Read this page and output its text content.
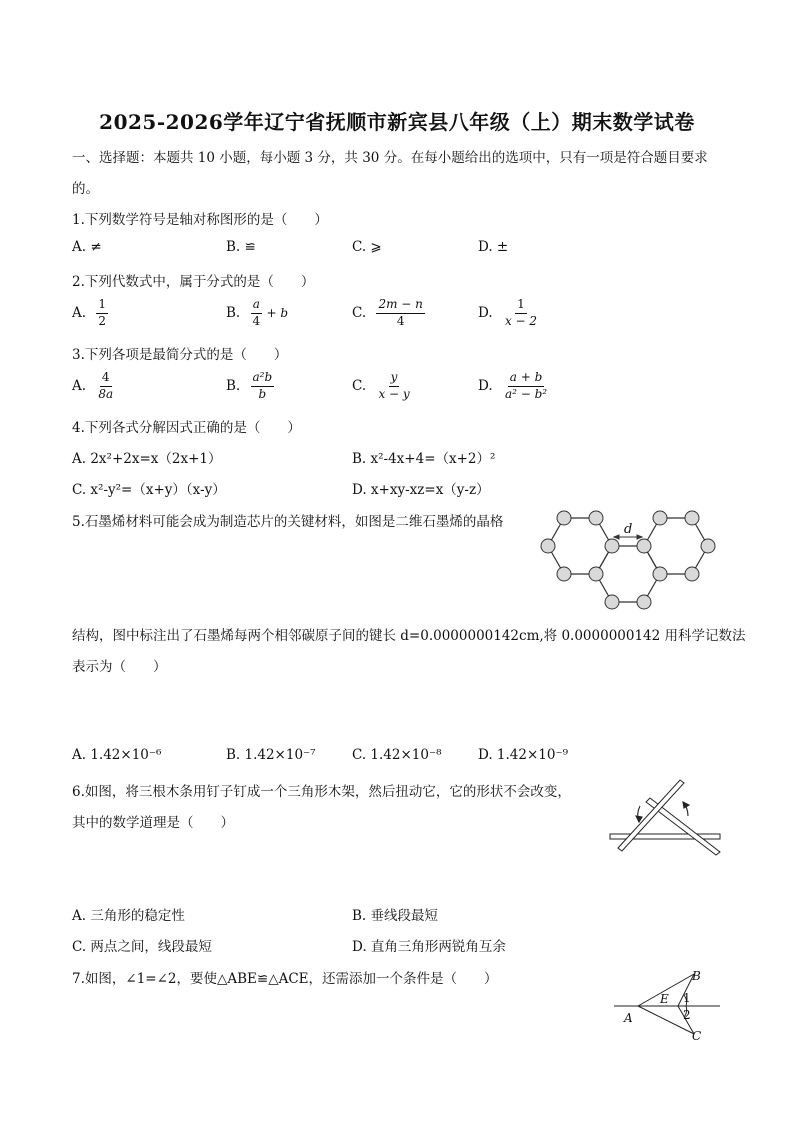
2025-2026学年辽宁省抚顺市新宾县八年级（上）期末数学试卷
一、选择题：本题共 10 小题，每小题 3 分，共 30 分。在每小题给出的选项中，只有一项是符合题目要求
的。
1.下列数学符号是轴对称图形的是（　　）
A. ≠	B. ≌	C. ⩾	D. ±
2.下列代数式中，属于分式的是（　　）
A. $\frac{1}{2}$	B. $\frac{a}{4} + b$	C. $\frac{2m - n}{4}$	D. $\frac{1}{x - 2}$
3.下列各项是最简分式的是（　　）
A. $\frac{4}{8a}$	B. $\frac{\text{a²b}}{b}$	C. $\frac{y}{x - y}$	D. $\frac{a + b}{\text{a² − b²}}$
4.下列各式分解因式正确的是（　　）
A. 2x²+2x=x（2x+1）	B. x²-4x+4=（x+2）²
C. x²-y²=（x+y）（x-y）	D. x+xy-xz=x（y-z）
5.石墨烯材料可能会成为制造芯片的关键材料，如图是二维石墨烯的晶格	d
结构，图中标注出了石墨烯每两个相邻碳原子间的键长 d=0.0000000142cm,将 0.0000000142 用科学记数法
表示为（　　）
A. 1.42×10⁻⁶	B. 1.42×10⁻⁷	C. 1.42×10⁻⁸	D. 1.42×10⁻⁹
6.如图，将三根木条用钉子钉成一个三角形木架，然后扭动它，它的形状不会改变，
其中的数学道理是（　　）
A. 三角形的稳定性	B. 垂线段最短
C. 两点之间，线段最短	D. 直角三角形两锐角互余
7.如图，∠1=∠2，要使△ABE≌△ACE，还需添加一个条件是（　　）
A
B
C
E 1
2
